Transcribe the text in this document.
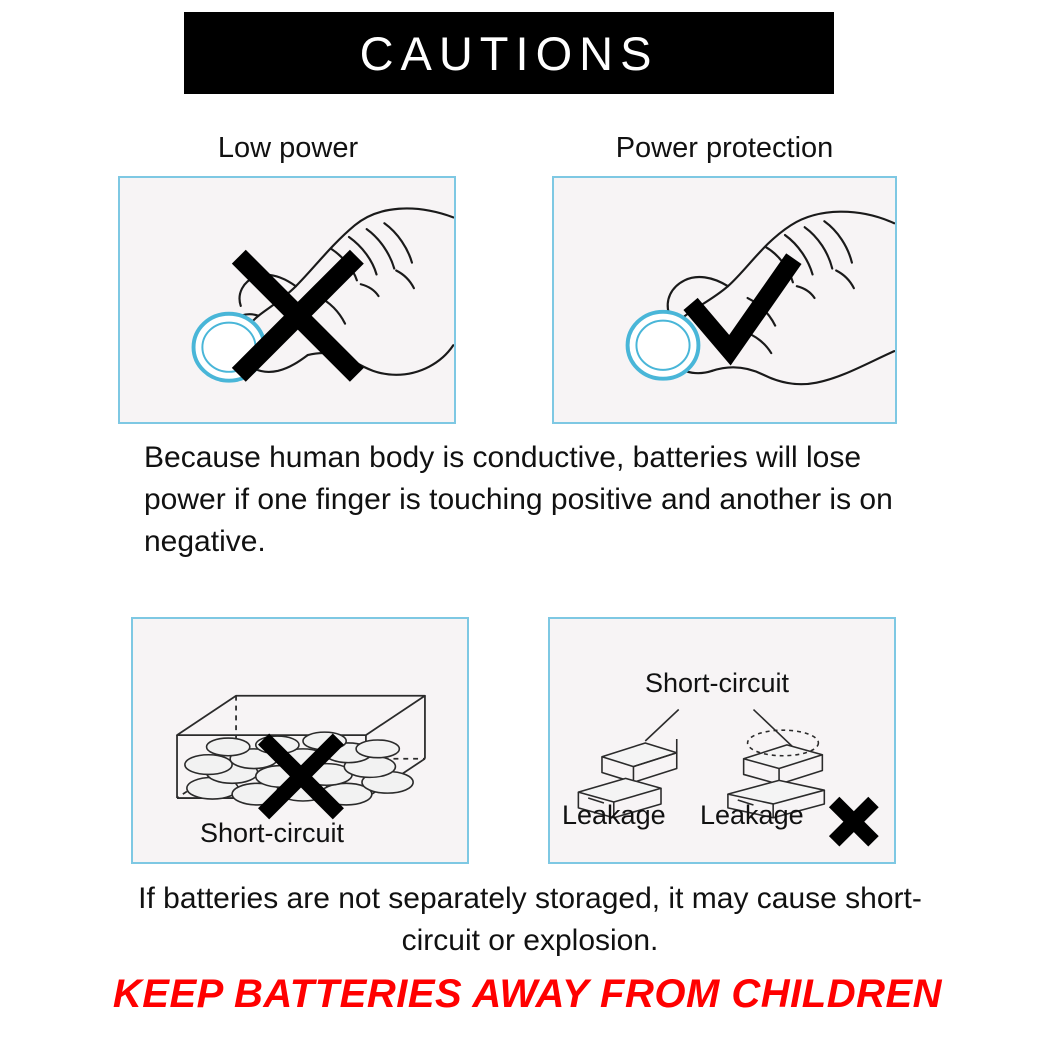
CAUTIONS
Low power	Power protection
Because human body is conductive, batteries will lose power if one finger is touching positive and another is on negative.
Short-circuit
Short-circuit
Leakage Leakage
If batteries are not separately storaged, it may cause short-circuit or explosion.
KEEP BATTERIES AWAY FROM CHILDREN
